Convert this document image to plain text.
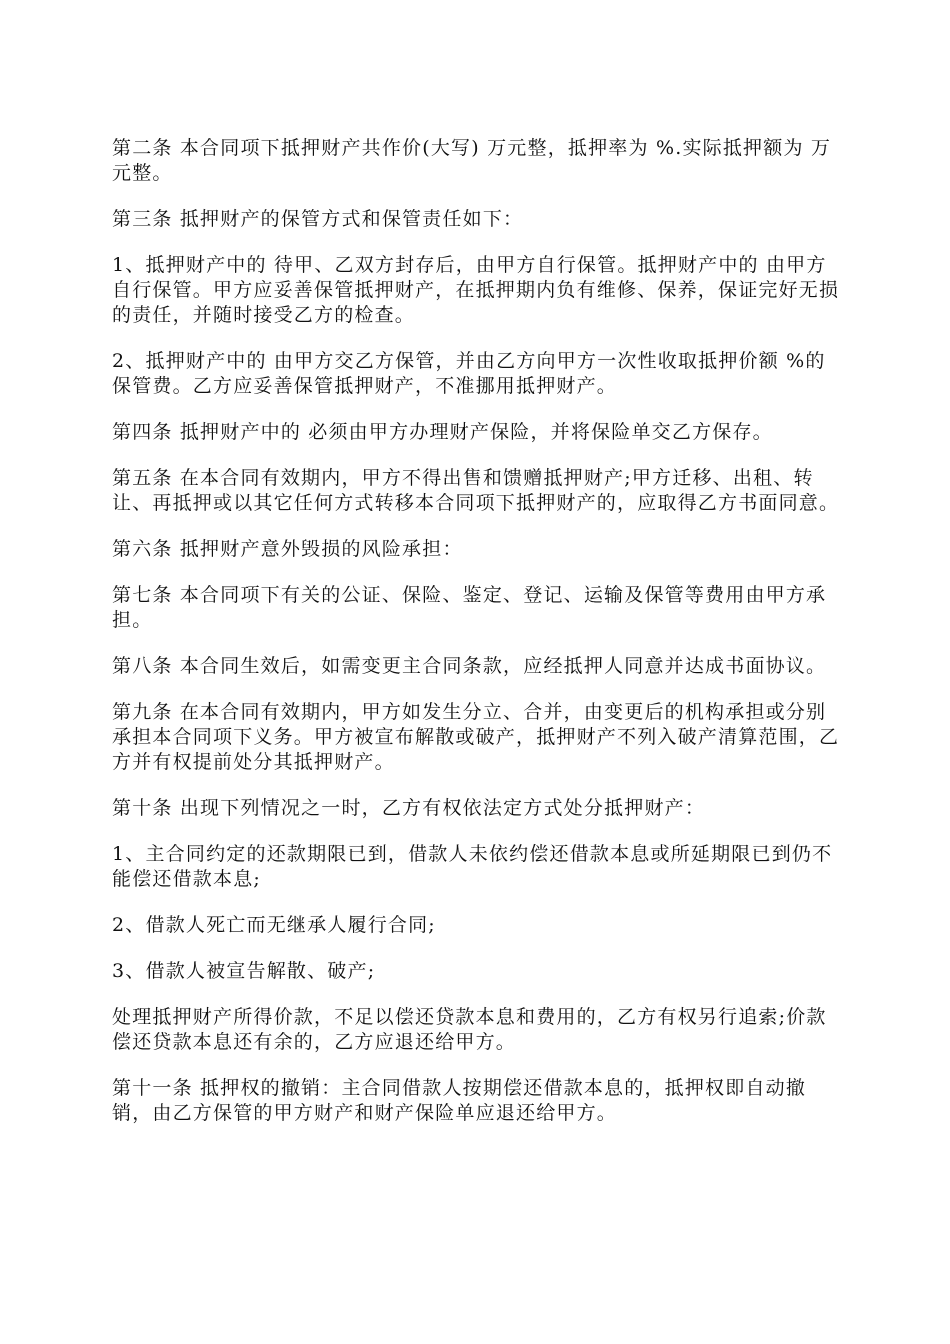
第二条 本合同项下抵押财产共作价(大写) 万元整，抵押率为 %.实际抵押额为 万元整。

第三条 抵押财产的保管方式和保管责任如下：

1、抵押财产中的 待甲、乙双方封存后，由甲方自行保管。抵押财产中的 由甲方自行保管。甲方应妥善保管抵押财产，在抵押期内负有维修、保养，保证完好无损的责任，并随时接受乙方的检查。

2、抵押财产中的 由甲方交乙方保管，并由乙方向甲方一次性收取抵押价额 %的保管费。乙方应妥善保管抵押财产，不准挪用抵押财产。

第四条 抵押财产中的 必须由甲方办理财产保险，并将保险单交乙方保存。

第五条 在本合同有效期内，甲方不得出售和馈赠抵押财产;甲方迁移、出租、转让、再抵押或以其它任何方式转移本合同项下抵押财产的，应取得乙方书面同意。

第六条 抵押财产意外毁损的风险承担：

第七条 本合同项下有关的公证、保险、鉴定、登记、运输及保管等费用由甲方承担。

第八条 本合同生效后，如需变更主合同条款，应经抵押人同意并达成书面协议。

第九条 在本合同有效期内，甲方如发生分立、合并，由变更后的机构承担或分别承担本合同项下义务。甲方被宣布解散或破产，抵押财产不列入破产清算范围，乙方并有权提前处分其抵押财产。

第十条 出现下列情况之一时，乙方有权依法定方式处分抵押财产：

1、主合同约定的还款期限已到，借款人未依约偿还借款本息或所延期限已到仍不能偿还借款本息;

2、借款人死亡而无继承人履行合同;

3、借款人被宣告解散、破产;

处理抵押财产所得价款，不足以偿还贷款本息和费用的，乙方有权另行追索;价款偿还贷款本息还有余的，乙方应退还给甲方。

第十一条 抵押权的撤销：主合同借款人按期偿还借款本息的，抵押权即自动撤销，由乙方保管的甲方财产和财产保险单应退还给甲方。
